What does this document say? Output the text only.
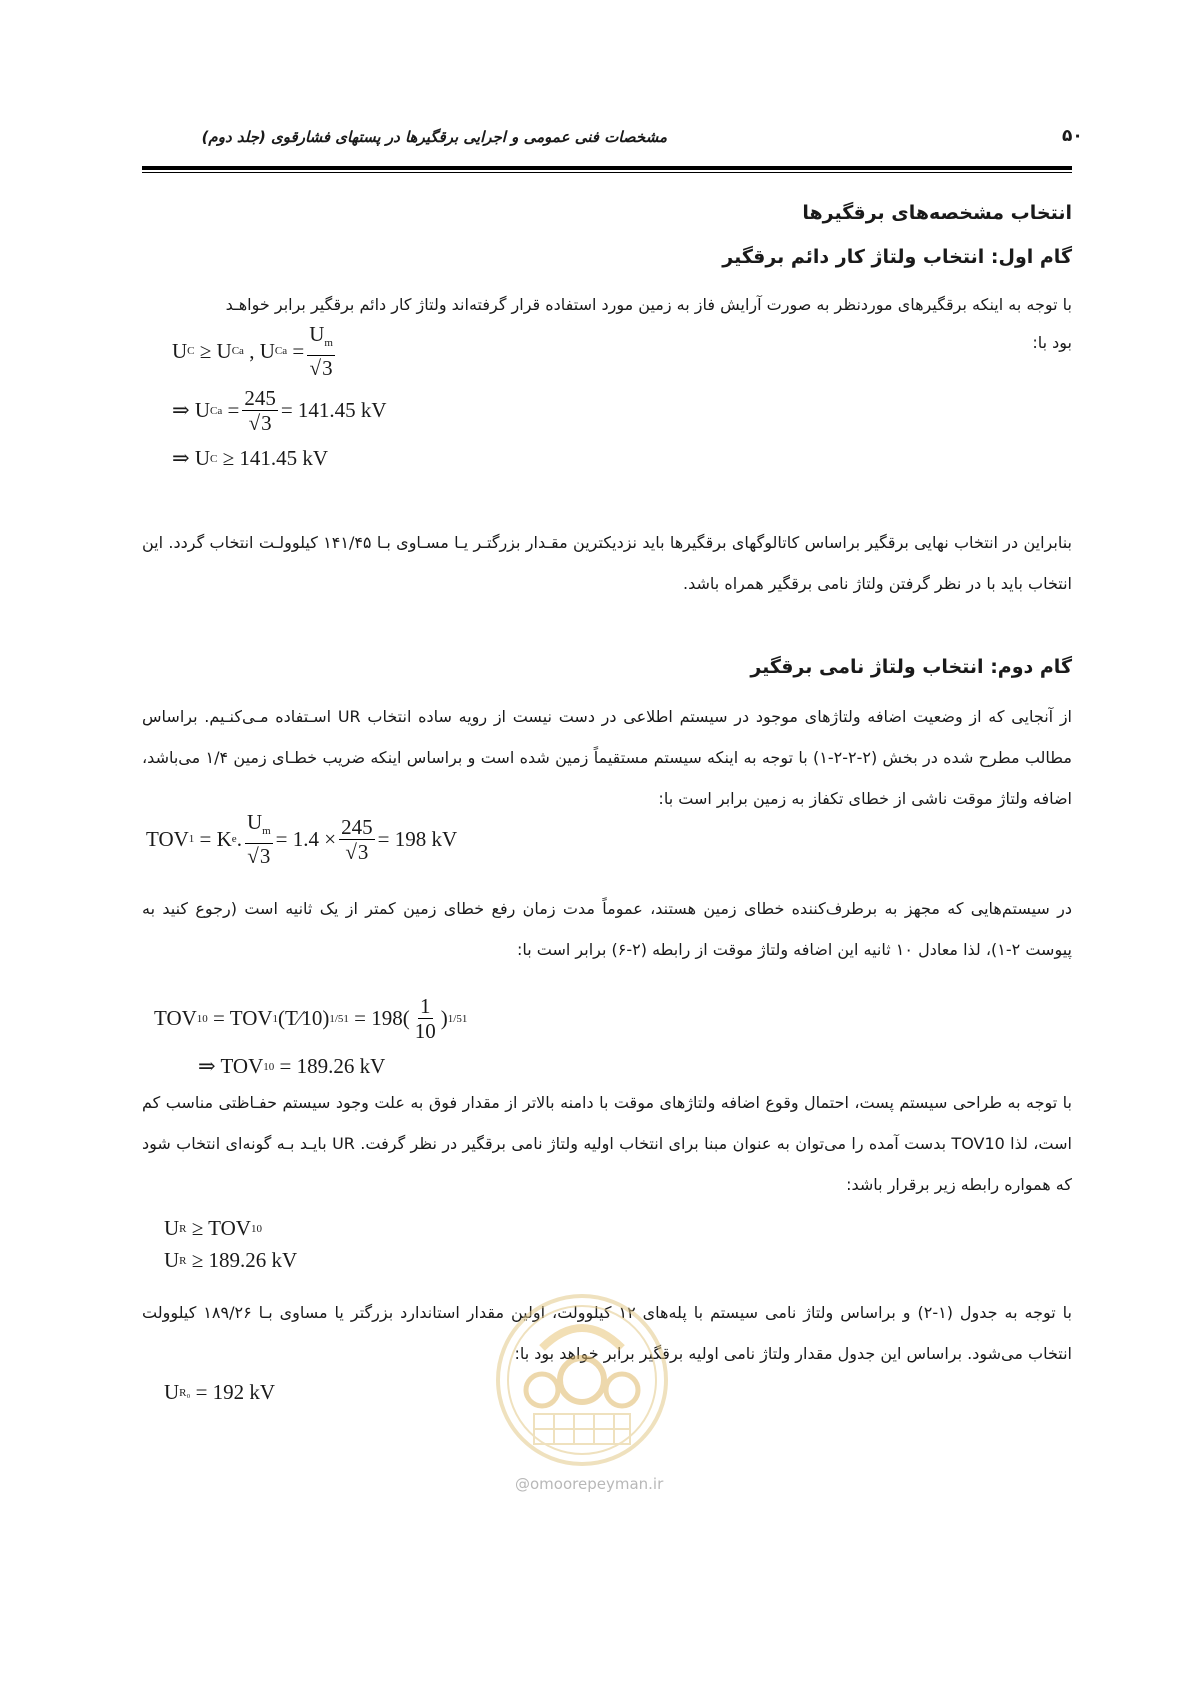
۵۰
مشخصات فنی عمومی و اجرایی برقگیرها در پستهای فشارقوی (جلد دوم)
انتخاب مشخصه‌های برقگیرها
گام اول: انتخاب ولتاژ کار دائم برقگیر
با توجه به اینکه برقگیرهای موردنظر به صورت آرایش فاز به زمین مورد استفاده قرار گرفته‌اند ولتاژ کار دائم برقگیر برابر خواهـد
بود با:
U C
≥ U Ca
, U Ca
= $\frac{U_m}{√3}$
⇒ U Ca
= $\frac{245}{√3} = 141.45$ kV
⇒ U C
≥ 141.45 kV
بنابراین در انتخاب نهایی برقگیر براساس کاتالوگهای برقگیرها باید نزدیکترین مقـدار بزرگتـر یـا مسـاوی بـا ۱۴۱/۴۵ کیلوولـت انتخاب گردد. این انتخاب باید با در نظر گرفتن ولتاژ نامی برقگیر همراه باشد.
گام دوم: انتخاب ولتاژ نامی برقگیر
از آنجایی که از وضعیت اضافه ولتاژهای موجود در سیستم اطلاعی در دست نیست از رویه ساده انتخاب UR اسـتفاده مـی‌کنـیم. براساس مطالب مطرح شده در بخش (۲-۲-۲-۱) با توجه به اینکه سیستم مستقیماً زمین شده است و براساس اینکه ضریب خطـای زمین ۱/۴ می‌باشد، اضافه ولتاژ موقت ناشی از خطای تکفاز به زمین برابر است با:
TOV 1
= K e . $\frac{U_m}{√3} = 1.4 \times \frac{245}{√3} = 198$ kV
در سیستم‌هایی که مجهز به برطرف‌کننده خطای زمین هستند، عموماً مدت زمان رفع خطای زمین کمتر از یک ثانیه است (رجوع کنید به پیوست ۲-۱)، لذا معادل ۱۰ ثانیه این اضافه ولتاژ موقت از رابطه (۲-۶) برابر است با:
TOV 10
= TOV 1 (T⁄10) 1/51
= $198( \frac{1}{10}$ ) 1/51
⇒ TOV 10
= 189.26 kV
با توجه به طراحی سیستم پست، احتمال وقوع اضافه ولتاژهای موقت با دامنه بالاتر از مقدار فوق به علت وجود سیستم حفـاظتی مناسب کم است، لذا TOV10 بدست آمده را می‌توان به عنوان مبنا برای انتخاب اولیه ولتاژ نامی برقگیر در نظر گرفت. UR بایـد بـه گونه‌ای انتخاب شود که همواره رابطه زیر برقرار باشد:
U R
≥ TOV 10
U R
≥ 189.26 kV
با توجه به جدول (۱-۲) و براساس ولتاژ نامی سیستم با پله‌های ۱۲ کیلوولت، اولین مقدار استاندارد بزرگتر یا مساوی بـا ۱۸۹/۲۶ کیلوولت انتخاب می‌شود. براساس این جدول مقدار ولتاژ نامی اولیه برقگیر برابر خواهد بود با:
U R₀
= 192 kV
@omoorepeyman.ir
